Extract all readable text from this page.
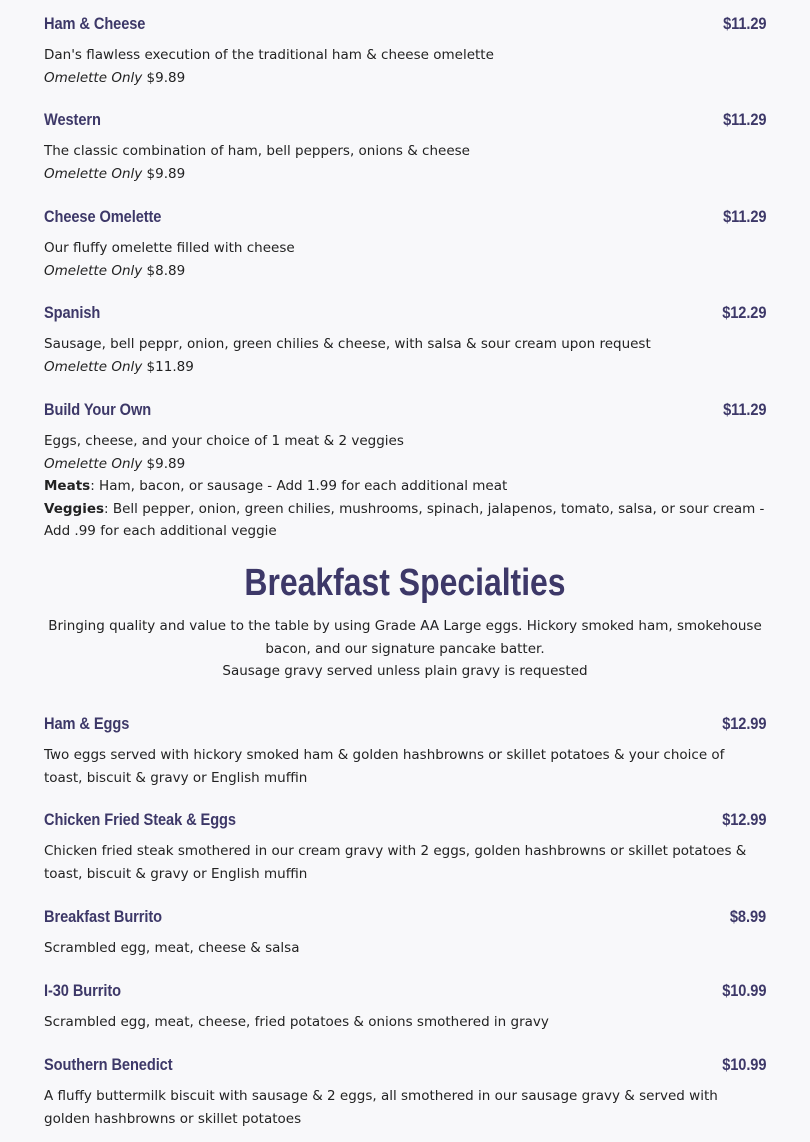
Ham & Cheese	$11.29
Dan's flawless execution of the traditional ham & cheese omelette
Omelette Only $9.89
Western	$11.29
The classic combination of ham, bell peppers, onions & cheese
Omelette Only $9.89
Cheese Omelette	$11.29
Our fluffy omelette filled with cheese
Omelette Only $8.89
Spanish	$12.29
Sausage, bell peppr, onion, green chilies & cheese, with salsa & sour cream upon request
Omelette Only $11.89
Build Your Own	$11.29
Eggs, cheese, and your choice of 1 meat & 2 veggies
Omelette Only $9.89
Meats: Ham, bacon, or sausage - Add 1.99 for each additional meat
Veggies: Bell pepper, onion, green chilies, mushrooms, spinach, jalapenos, tomato, salsa, or sour cream - Add .99 for each additional veggie
Breakfast Specialties
Bringing quality and value to the table by using Grade AA Large eggs. Hickory smoked ham, smokehouse bacon, and our signature pancake batter.
Sausage gravy served unless plain gravy is requested
Ham & Eggs	$12.99
Two eggs served with hickory smoked ham & golden hashbrowns or skillet potatoes & your choice of toast, biscuit & gravy or English muffin
Chicken Fried Steak & Eggs	$12.99
Chicken fried steak smothered in our cream gravy with 2 eggs, golden hashbrowns or skillet potatoes & toast, biscuit & gravy or English muffin
Breakfast Burrito	$8.99
Scrambled egg, meat, cheese & salsa
I-30 Burrito	$10.99
Scrambled egg, meat, cheese, fried potatoes & onions smothered in gravy
Southern Benedict	$10.99
A fluffy buttermilk biscuit with sausage & 2 eggs, all smothered in our sausage gravy & served with golden hashbrowns or skillet potatoes
